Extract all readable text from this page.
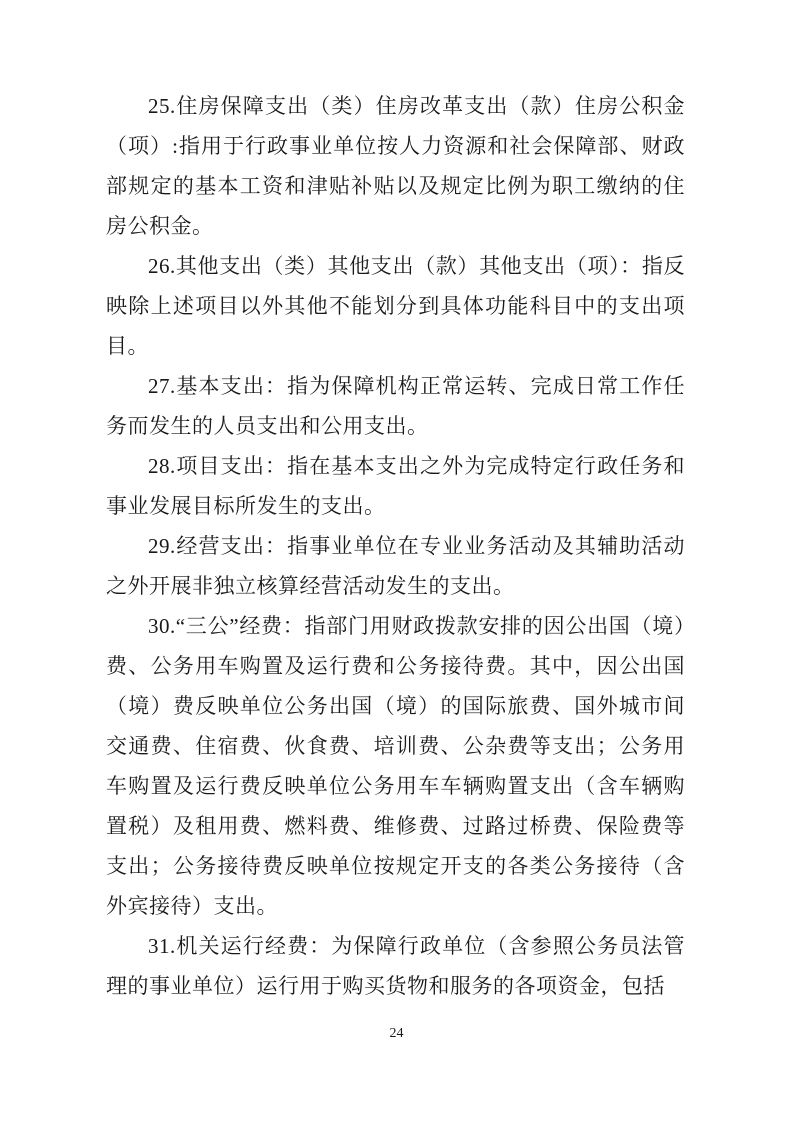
25.住房保障支出（类）住房改革支出（款）住房公积金（项）:指用于行政事业单位按人力资源和社会保障部、财政部规定的基本工资和津贴补贴以及规定比例为职工缴纳的住房公积金。

26.其他支出（类）其他支出（款）其他支出（项）：指反映除上述项目以外其他不能划分到具体功能科目中的支出项目。

27.基本支出：指为保障机构正常运转、完成日常工作任务而发生的人员支出和公用支出。

28.项目支出：指在基本支出之外为完成特定行政任务和事业发展目标所发生的支出。

29.经营支出：指事业单位在专业业务活动及其辅助活动之外开展非独立核算经营活动发生的支出。

30.“三公”经费：指部门用财政拨款安排的因公出国（境）费、公务用车购置及运行费和公务接待费。其中，因公出国（境）费反映单位公务出国（境）的国际旅费、国外城市间交通费、住宿费、伙食费、培训费、公杂费等支出；公务用车购置及运行费反映单位公务用车车辆购置支出（含车辆购置税）及租用费、燃料费、维修费、过路过桥费、保险费等支出；公务接待费反映单位按规定开支的各类公务接待（含外宾接待）支出。

31.机关运行经费：为保障行政单位（含参照公务员法管理的事业单位）运行用于购买货物和服务的各项资金，包括

24
